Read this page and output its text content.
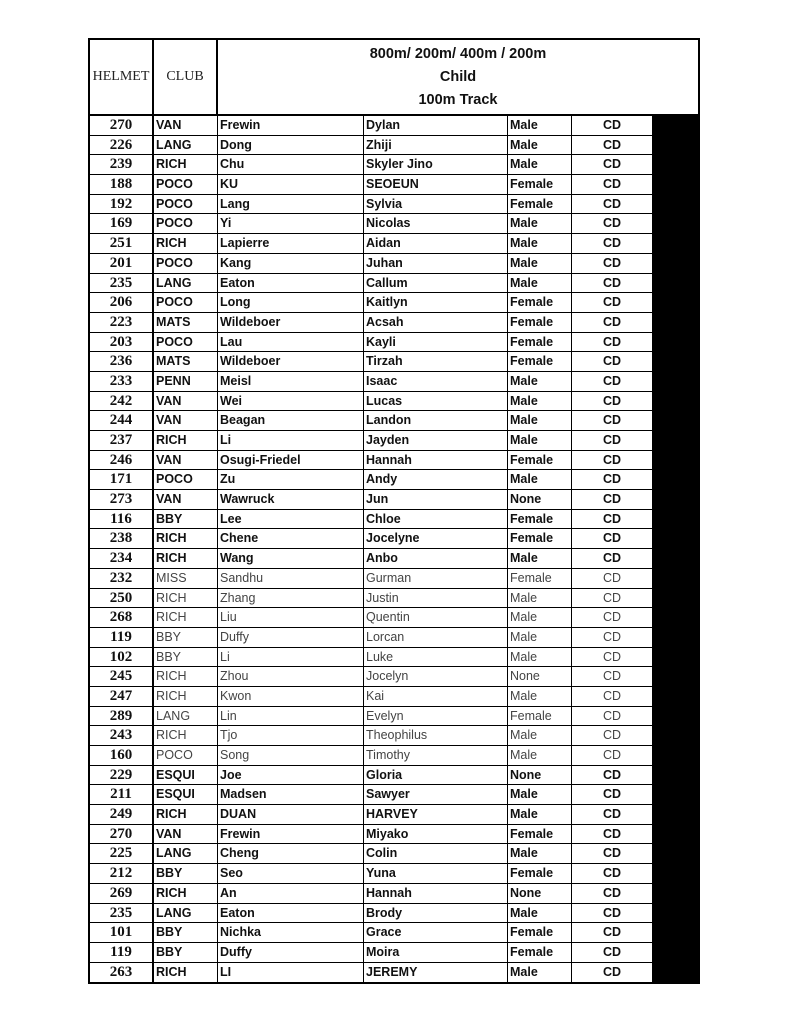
HELMET	CLUB
800m/ 200m/ 400m / 200m
Child
100m Track
270	VAN	Frewin	Dylan	Male	CD
226	LANG	Dong	Zhiji	Male	CD
239	RICH	Chu	Skyler Jino	Male	CD
188	POCO	KU	SEOEUN	Female	CD
192	POCO	Lang	Sylvia	Female	CD
169	POCO	Yi	Nicolas	Male	CD
251	RICH	Lapierre	Aidan	Male	CD
201	POCO	Kang	Juhan	Male	CD
235	LANG	Eaton	Callum	Male	CD
206	POCO	Long	Kaitlyn	Female	CD
223	MATS	Wildeboer	Acsah	Female	CD
203	POCO	Lau	Kayli	Female	CD
236	MATS	Wildeboer	Tirzah	Female	CD
233	PENN	Meisl	Isaac	Male	CD
242	VAN	Wei	Lucas	Male	CD
244	VAN	Beagan	Landon	Male	CD
237	RICH	Li	Jayden	Male	CD
246	VAN	Osugi-Friedel	Hannah	Female	CD
171	POCO	Zu	Andy	Male	CD
273	VAN	Wawruck	Jun	None	CD
116	BBY	Lee	Chloe	Female	CD
238	RICH	Chene	Jocelyne	Female	CD
234	RICH	Wang	Anbo	Male	CD
232	MISS	Sandhu	Gurman	Female	CD
250	RICH	Zhang	Justin	Male	CD
268	RICH	Liu	Quentin	Male	CD
119	BBY	Duffy	Lorcan	Male	CD
102	BBY	Li	Luke	Male	CD
245	RICH	Zhou	Jocelyn	None	CD
247	RICH	Kwon	Kai	Male	CD
289	LANG	Lin	Evelyn	Female	CD
243	RICH	Tjo	Theophilus	Male	CD
160	POCO	Song	Timothy	Male	CD
229	ESQUI	Joe	Gloria	None	CD
211	ESQUI	Madsen	Sawyer	Male	CD
249	RICH	DUAN	HARVEY	Male	CD
270	VAN	Frewin	Miyako	Female	CD
225	LANG	Cheng	Colin	Male	CD
212	BBY	Seo	Yuna	Female	CD
269	RICH	An	Hannah	None	CD
235	LANG	Eaton	Brody	Male	CD
101	BBY	Nichka	Grace	Female	CD
119	BBY	Duffy	Moira	Female	CD
263	RICH	LI	JEREMY	Male	CD
